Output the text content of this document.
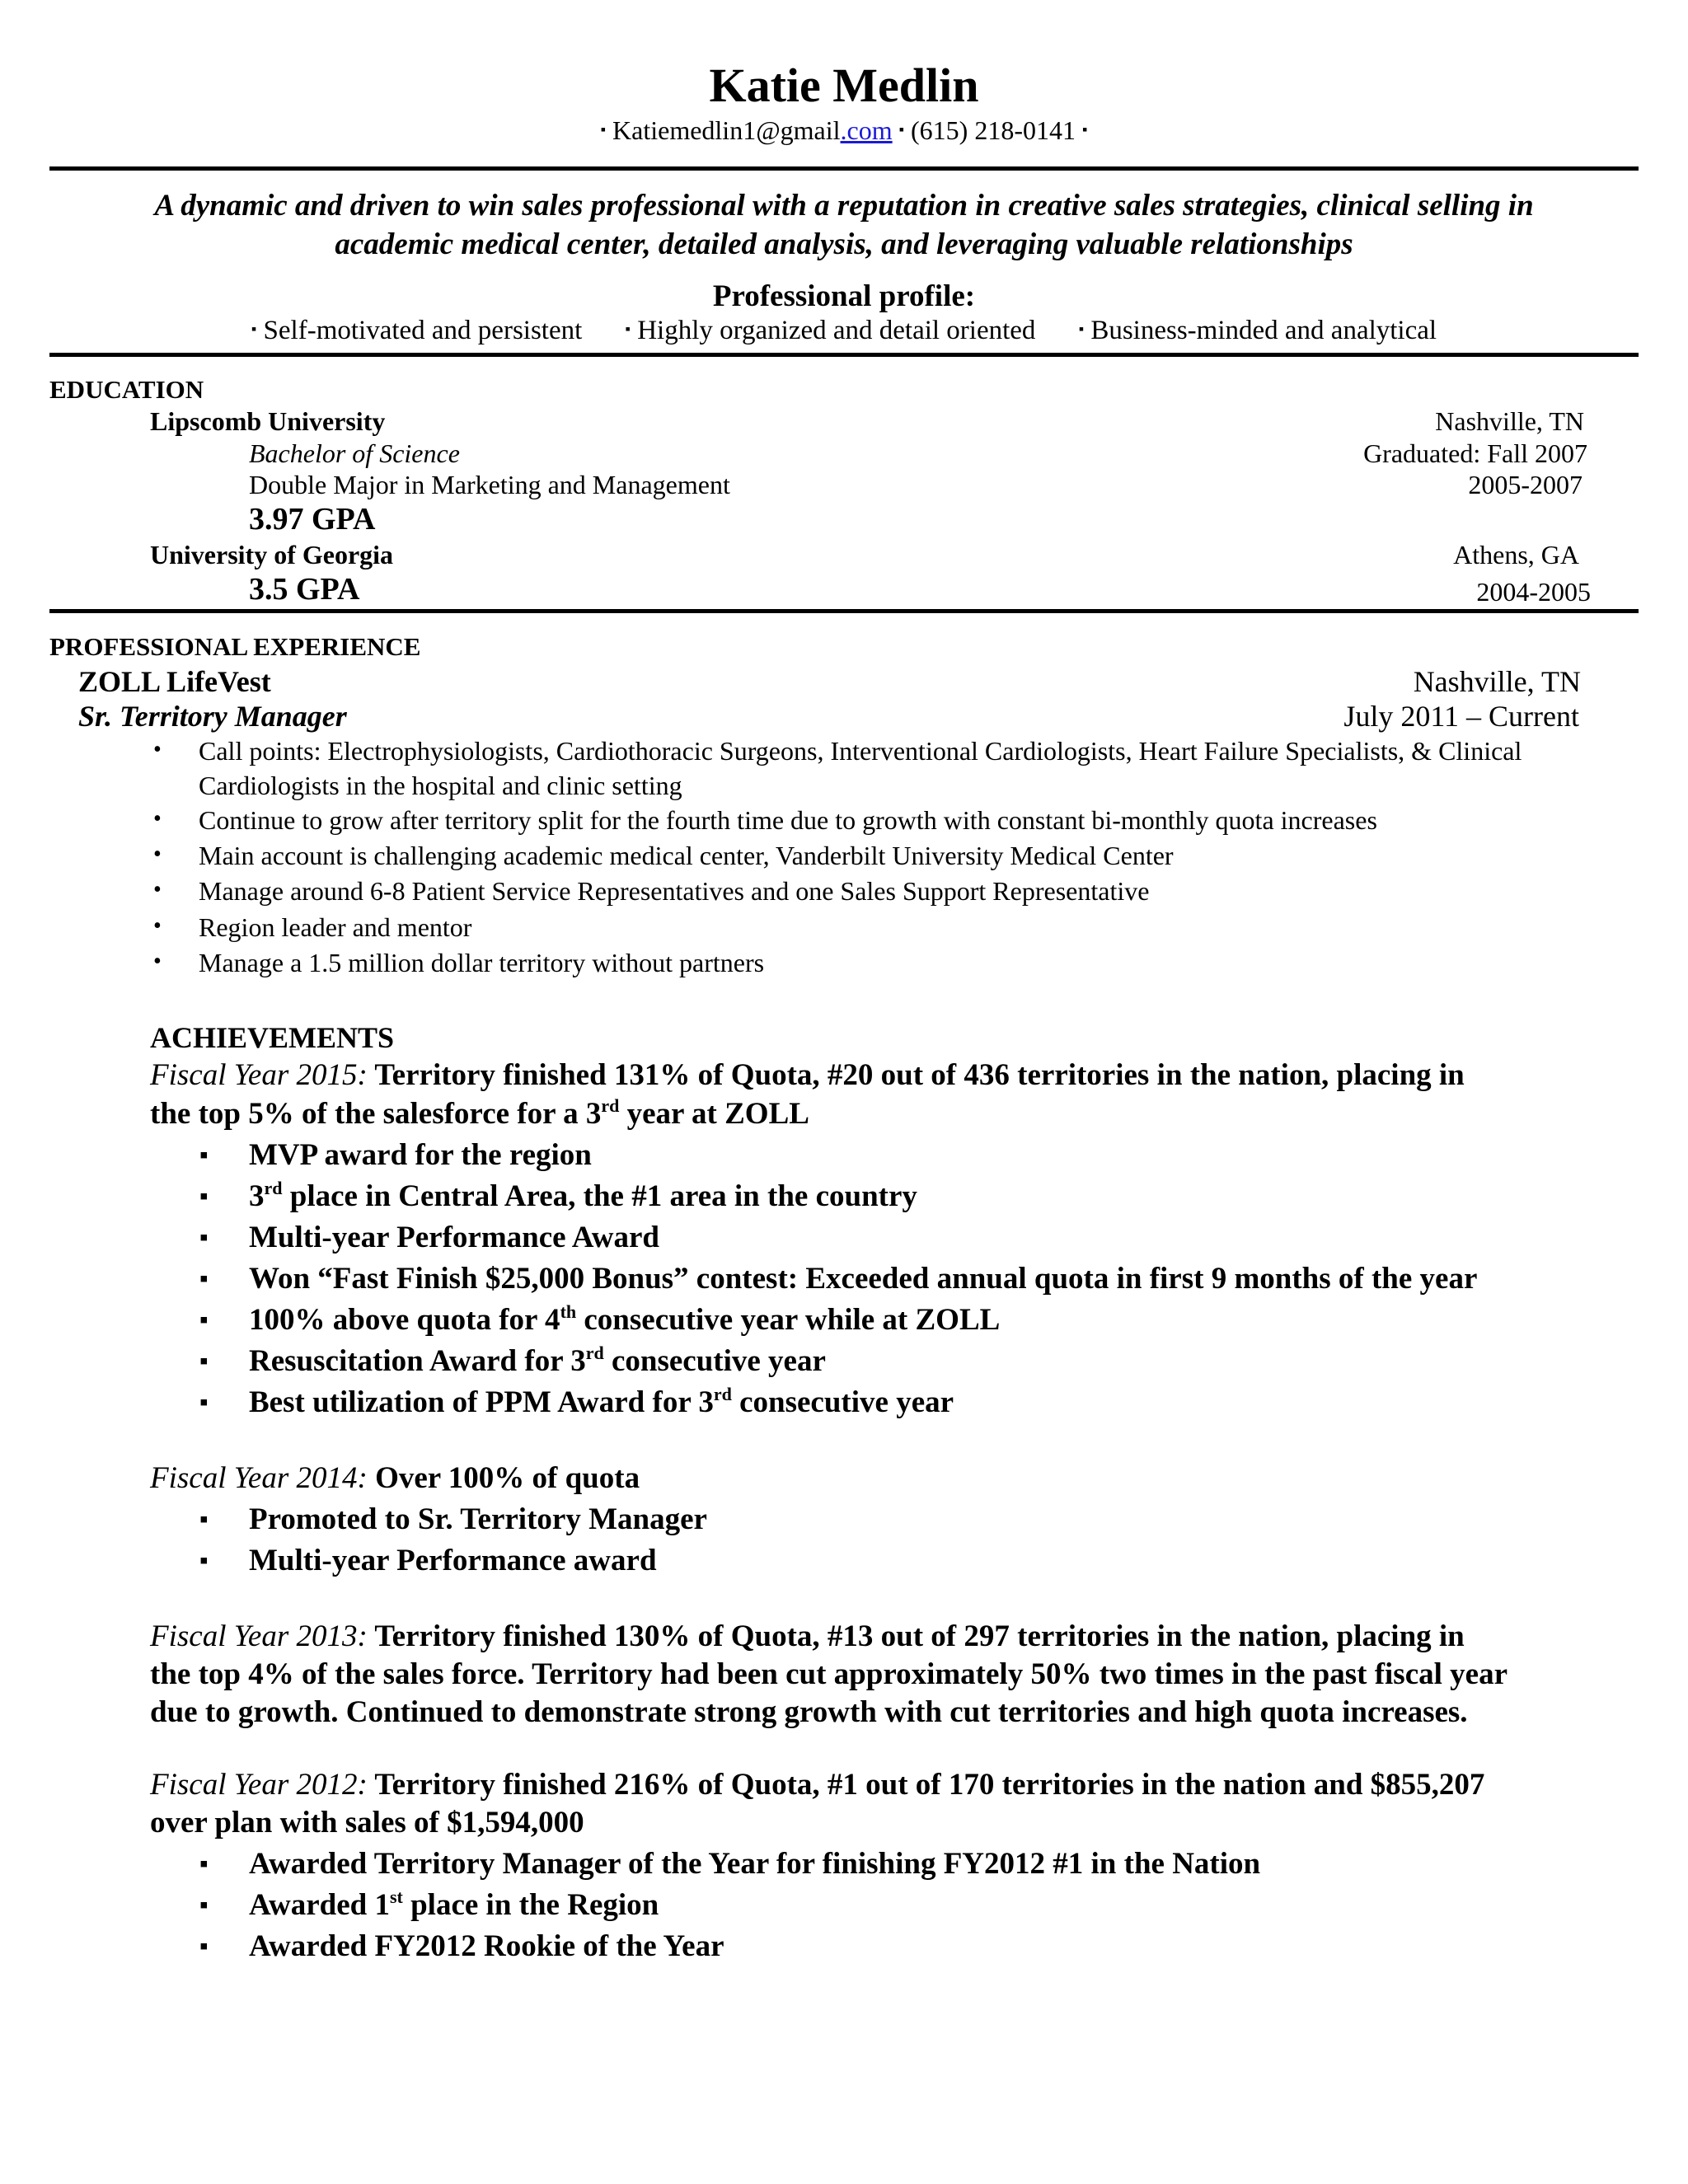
Katie Medlin
▪ Katiemedlin1@gmail.com ▪ (615) 218-0141 ▪
A dynamic and driven to win sales professional with a reputation in creative sales strategies, clinical selling in
academic medical center, detailed analysis, and leveraging valuable relationships
Professional profile:
▪ Self-motivated and persistent	▪ Highly organized and detail oriented	▪ Business-minded and analytical
EDUCATION
Lipscomb University	Nashville, TN
Bachelor of Science	Graduated: Fall 2007
Double Major in Marketing and Management	2005-2007
3.97 GPA
University of Georgia	Athens, GA
3.5 GPA	2004-2005
PROFESSIONAL EXPERIENCE
ZOLL LifeVest	Nashville, TN
Sr. Territory Manager	July 2011 – Current
• Call points: Electrophysiologists, Cardiothoracic Surgeons, Interventional Cardiologists, Heart Failure Specialists, & Clinical
Cardiologists in the hospital and clinic setting
• Continue to grow after territory split for the fourth time due to growth with constant bi-monthly quota increases
• Main account is challenging academic medical center, Vanderbilt University Medical Center
• Manage around 6-8 Patient Service Representatives and one Sales Support Representative
• Region leader and mentor
• Manage a 1.5 million dollar territory without partners
ACHIEVEMENTS
Fiscal Year 2015: Territory finished 131% of Quota, #20 out of 436 territories in the nation, placing in
the top 5% of the salesforce for a 3rd year at ZOLL
▪ MVP award for the region
▪ 3rd place in Central Area, the #1 area in the country
▪ Multi-year Performance Award
▪ Won “Fast Finish $25,000 Bonus” contest: Exceeded annual quota in first 9 months of the year
▪ 100% above quota for 4th consecutive year while at ZOLL
▪ Resuscitation Award for 3rd consecutive year
▪ Best utilization of PPM Award for 3rd consecutive year
Fiscal Year 2014: Over 100% of quota
▪ Promoted to Sr. Territory Manager
▪ Multi-year Performance award
Fiscal Year 2013: Territory finished 130% of Quota, #13 out of 297 territories in the nation, placing in
the top 4% of the sales force. Territory had been cut approximately 50% two times in the past fiscal year
due to growth. Continued to demonstrate strong growth with cut territories and high quota increases.
Fiscal Year 2012: Territory finished 216% of Quota, #1 out of 170 territories in the nation and $855,207
over plan with sales of $1,594,000
▪ Awarded Territory Manager of the Year for finishing FY2012 #1 in the Nation
▪ Awarded 1st place in the Region
▪ Awarded FY2012 Rookie of the Year
